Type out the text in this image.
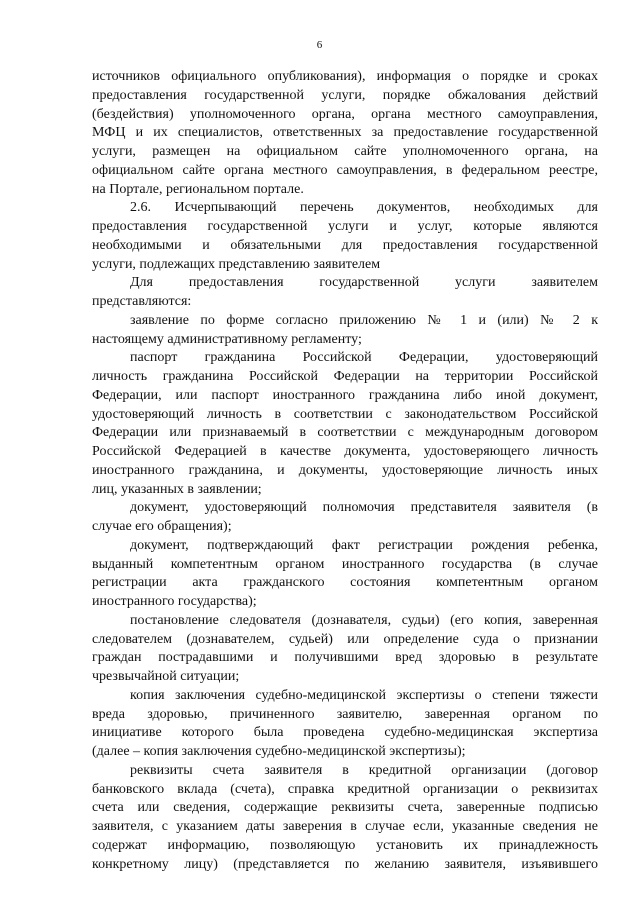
6
источников официального опубликования), информация о порядке и сроках
предоставления государственной услуги, порядке обжалования действий
(бездействия) уполномоченного органа, органа местного самоуправления,
МФЦ и их специалистов, ответственных за предоставление государственной
услуги, размещен на официальном сайте уполномоченного органа, на
официальном сайте органа местного самоуправления, в федеральном реестре,
на Портале, региональном портале.
2.6. Исчерпывающий перечень документов, необходимых для
предоставления государственной услуги и услуг, которые являются
необходимыми и обязательными для предоставления государственной
услуги, подлежащих представлению заявителем
Для предоставления государственной услуги заявителем
представляются:
заявление по форме согласно приложению № 1 и (или) № 2 к
настоящему административному регламенту;
паспорт гражданина Российской Федерации, удостоверяющий
личность гражданина Российской Федерации на территории Российской
Федерации, или паспорт иностранного гражданина либо иной документ,
удостоверяющий личность в соответствии с законодательством Российской
Федерации или признаваемый в соответствии с международным договором
Российской Федерацией в качестве документа, удостоверяющего личность
иностранного гражданина, и документы, удостоверяющие личность иных
лиц, указанных в заявлении;
документ, удостоверяющий полномочия представителя заявителя (в
случае его обращения);
документ, подтверждающий факт регистрации рождения ребенка,
выданный компетентным органом иностранного государства (в случае
регистрации акта гражданского состояния компетентным органом
иностранного государства);
постановление следователя (дознавателя, судьи) (его копия, заверенная
следователем (дознавателем, судьей) или определение суда о признании
граждан пострадавшими и получившими вред здоровью в результате
чрезвычайной ситуации;
копия заключения судебно-медицинской экспертизы о степени тяжести
вреда здоровью, причиненного заявителю, заверенная органом по
инициативе которого была проведена судебно-медицинская экспертиза
(далее – копия заключения судебно-медицинской экспертизы);
реквизиты счета заявителя в кредитной организации (договор
банковского вклада (счета), справка кредитной организации о реквизитах
счета или сведения, содержащие реквизиты счета, заверенные подписью
заявителя, с указанием даты заверения в случае если, указанные сведения не
содержат информацию, позволяющую установить их принадлежность
конкретному лицу) (представляется по желанию заявителя, изъявившего
